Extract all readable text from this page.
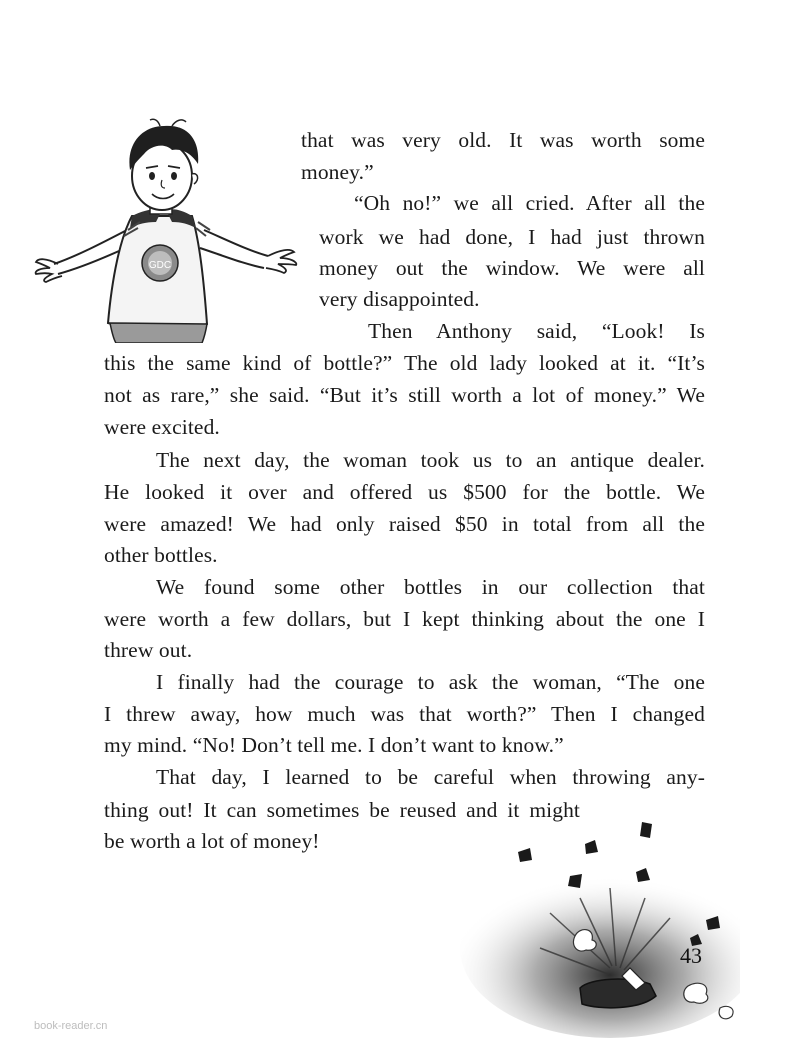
GDC
that was very old. It was worth some
money.”
“Oh no!” we all cried. After all the
work we had done, I had just thrown
money out the window. We were all
very disappointed.
Then Anthony said, “Look! Is
this the same kind of bottle?” The old lady looked at it. “It’s
not as rare,” she said. “But it’s still worth a lot of money.” We
were excited.
The next day, the woman took us to an antique dealer.
He looked it over and offered us $500 for the bottle. We
were amazed! We had only raised $50 in total from all the
other bottles.
We found some other bottles in our collection that
were worth a few dollars, but I kept thinking about the one I
threw out.
I finally had the courage to ask the woman, “The one
I threw away, how much was that worth?” Then I changed
my mind. “No! Don’t tell me. I don’t want to know.”
That day, I learned to be careful when throwing any-
thing out! It can sometimes be reused and it might
be worth a lot of money!
43
book-reader.cn
